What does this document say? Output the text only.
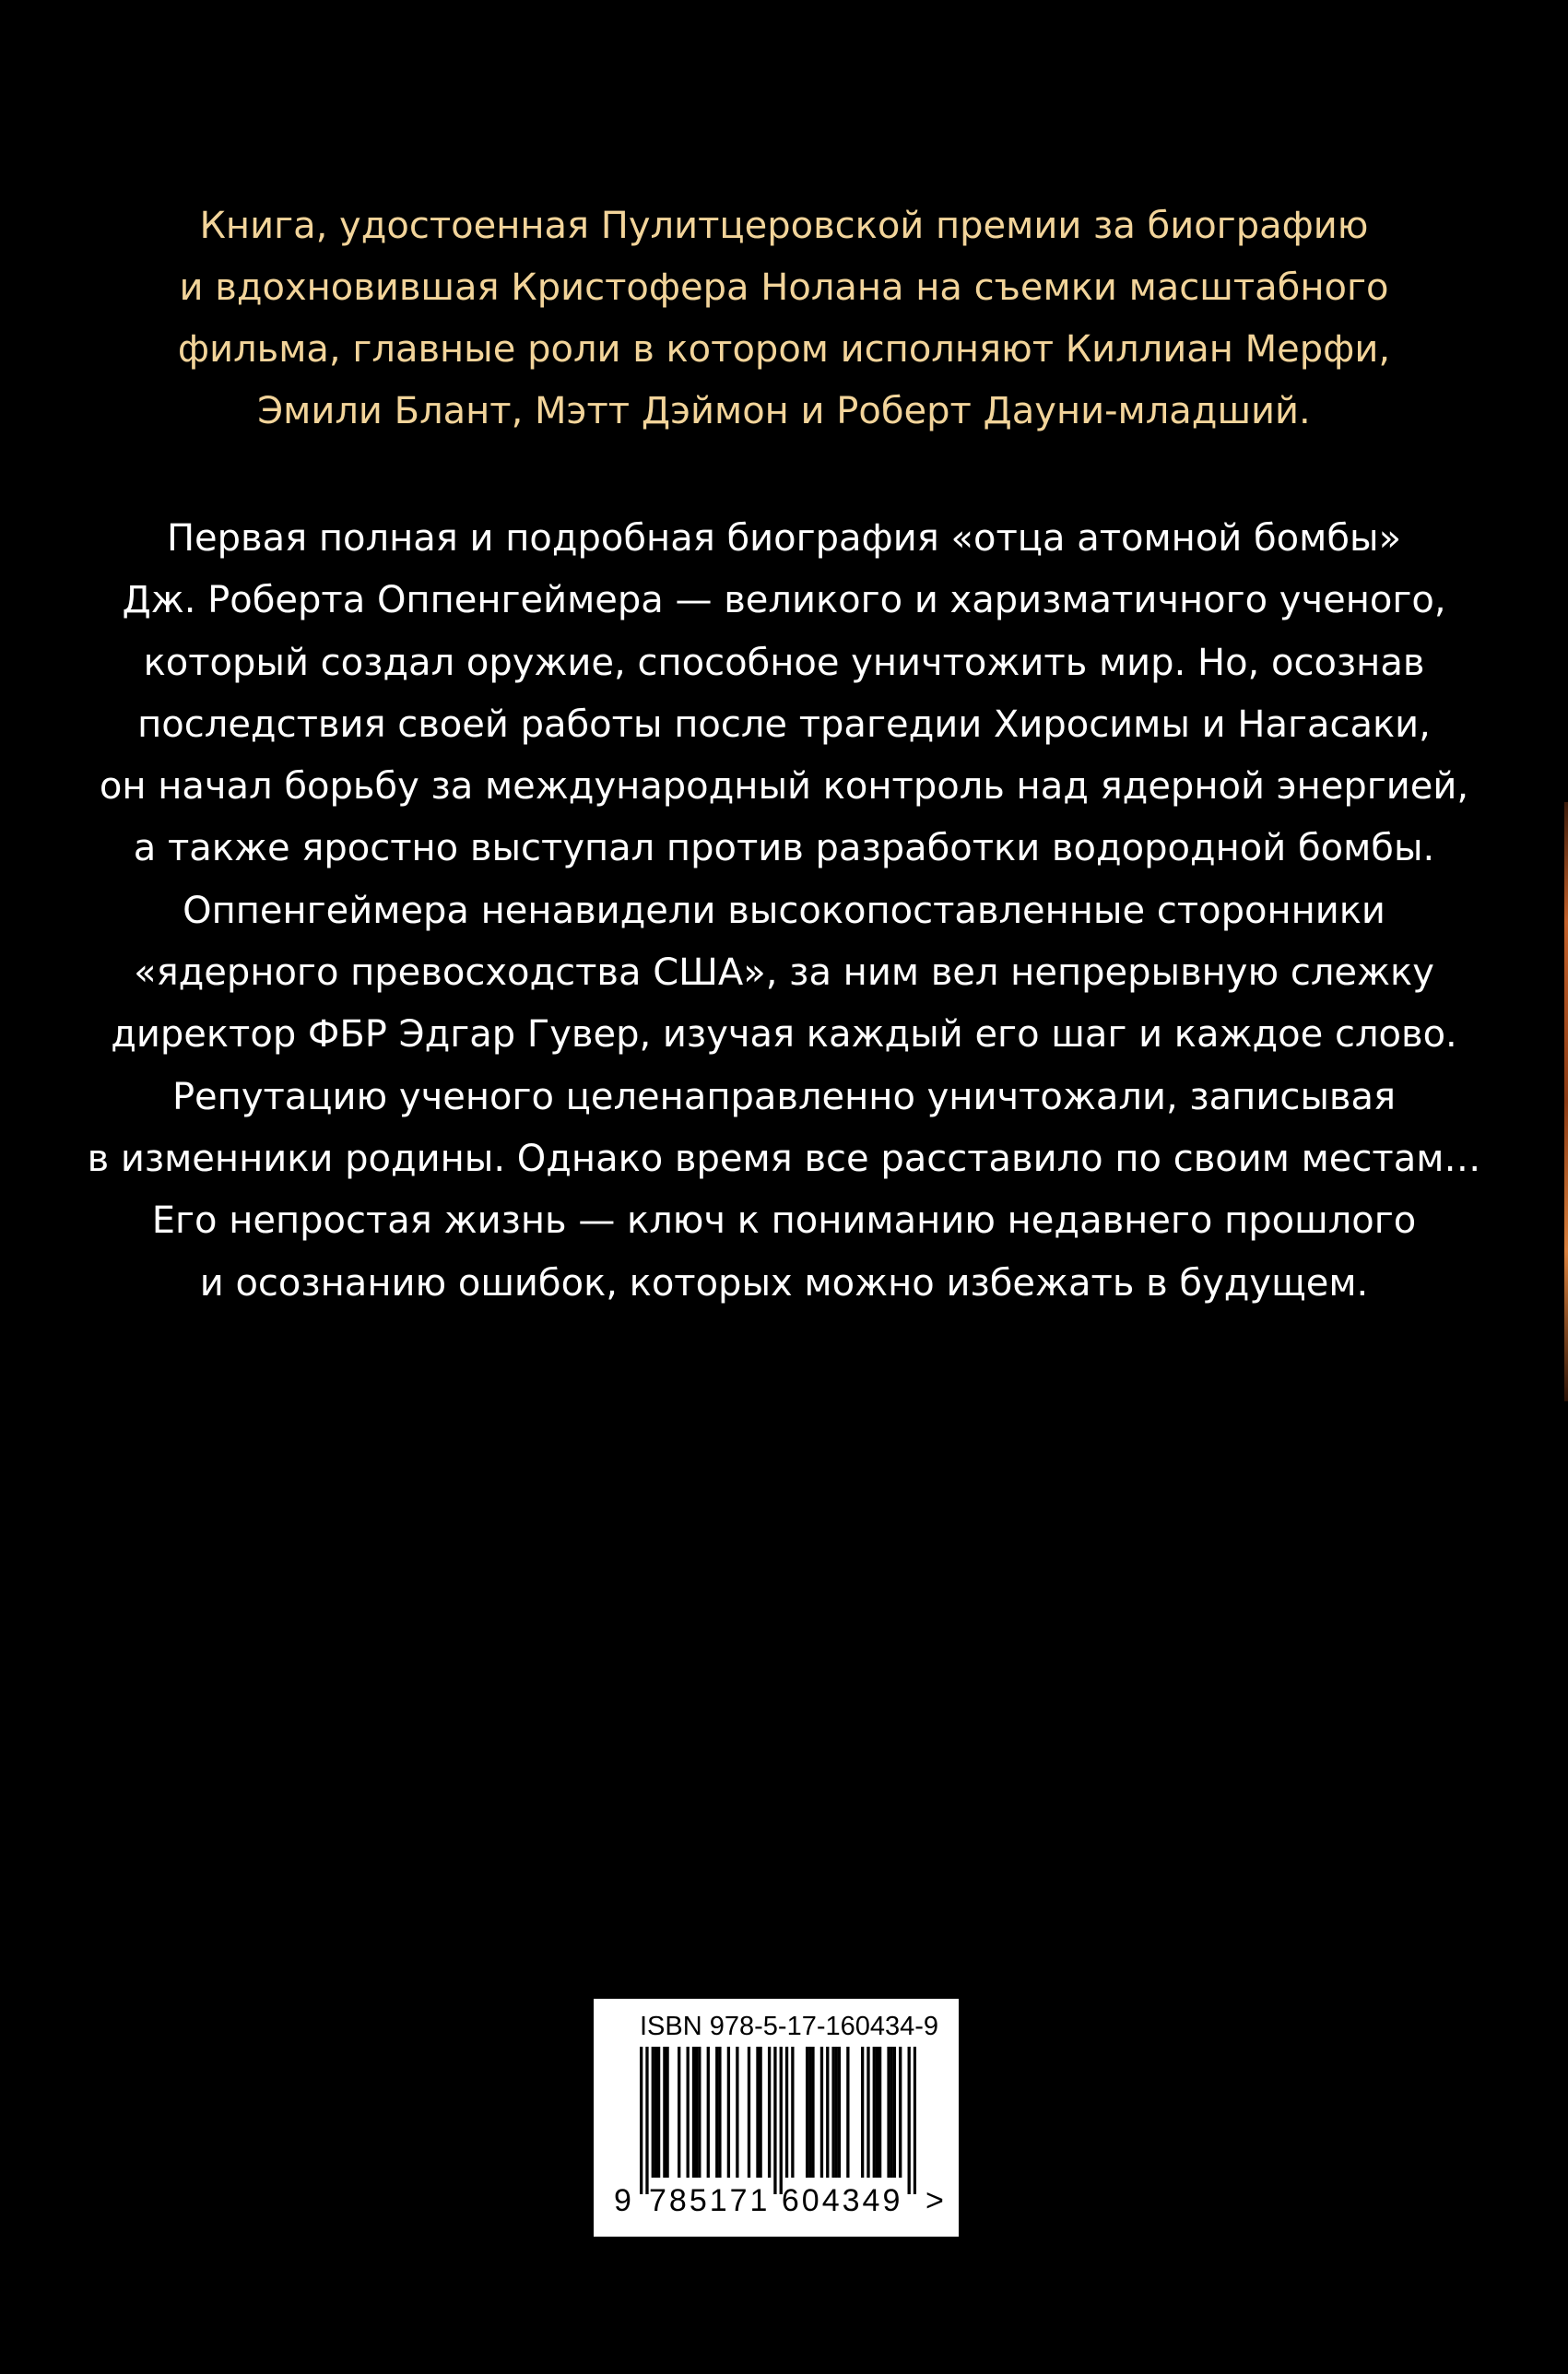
Книга, удостоенная Пулитцеровской премии за биографию
и вдохновившая Кристофера Нолана на съемки масштабного
фильма, главные роли в котором исполняют Киллиан Мерфи,
Эмили Блант, Мэтт Дэймон и Роберт Дауни-младший.
Первая полная и подробная биография «отца атомной бомбы»
Дж. Роберта Оппенгеймера — великого и харизматичного ученого,
который создал оружие, способное уничтожить мир. Но, осознав
последствия своей работы после трагедии Хиросимы и Нагасаки,
он начал борьбу за международный контроль над ядерной энергией,
а также яростно выступал против разработки водородной бомбы.
Оппенгеймера ненавидели высокопоставленные сторонники
«ядерного превосходства США», за ним вел непрерывную слежку
директор ФБР Эдгар Гувер, изучая каждый его шаг и каждое слово.
Репутацию ученого целенаправленно уничтожали, записывая
в изменники родины. Однако время все расставило по своим местам…
Его непростая жизнь — ключ к пониманию недавнего прошлого
и осознанию ошибок, которых можно избежать в будущем.
ISBN 978-5-17-160434-9
9 785171 604349 >
